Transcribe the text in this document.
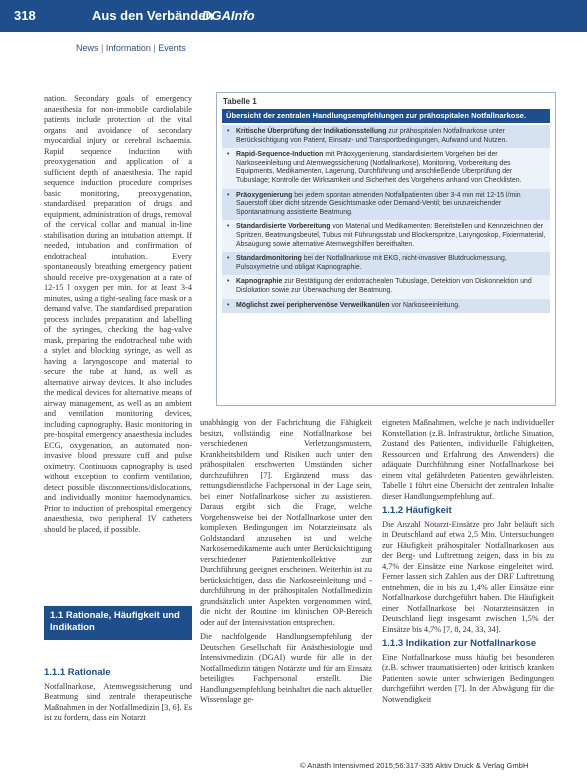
318	Aus den Verbänden
DGAInfo
News | Information | Events

nation. Secondary goals of emergency anaesthesia for non-immobile cardiolabile patients include protection of the vital organs and avoidance of secondary myocardial injury or cerebral ischaemia. Rapid sequence induction with preoxygenation and application of a sufficient depth of anaesthesia. The rapid sequence induction procedure comprises basic monitoring, preoxygenation, standardised preparation of drugs and equipment, administration of drugs, removal of the cervical collar and manual in-line stabilisation during an intubation attempt. If needed, intubation and confirmation of endotracheal intubation. Every spontaneously breathing emergency patient should receive pre-oxygenation at a rate of 12-15 l oxygen per min. for at least 3-4 minutes, using a tight-sealing face mask or a demand valve. The standardised preparation process includes preparation and labelling of the syringes, checking the bag-valve mask, preparing the endotracheal tube with a stylet and blocking syringe, as well as having a laryngoscope and material to secure the tube at hand, as well as alternative airway devices. It also includes the medical devices for alternative means of airway management, as well as an ambient and ventilation monitoring devices, including capnography. Basic monitoring in pre-hospital emergency anaesthesia includes ECG, oxygenation, an automated non-invasive blood pressure cuff and pulse oximetry. Continuous capnography is used without exception to confirm ventilation, detect possible disconnections/dislocations, and individually monitor haemodynamics. Prior to induction of prehospital emergency anaesthesia, two peripheral IV catheters should be placed, if possible.

1.1 Rationale, Häufigkeit und Indikation
1.1.1 Rationale

Notfallnarkose, Atemwegssicherung und Beatmung sind zentrale therapeutische Maßnahmen in der Notfallmedizin [3, 6]. Es ist zu fordern, dass ein Notarzt

Tabelle 1
Übersicht der zentralen Handlungsempfehlungen zur prähospitalen Notfallnarkose.
• Kritische Überprüfung der Indikationsstellung zur prähospitalen Notfallnarkose unter Berücksichtigung von Patient, Einsatz- und Transportbedingungen, Aufwand und Nutzen.
• Rapid-Sequence-Induction mit Präoxygenierung, standardisiertem Vorgehen bei der Narkoseeinleitung und Atemwegssicherung (Notfallnarkose), Monitoring, Vorbereitung des Equipments, Medikamenten, Lagerung, Durchführung und anschließende Überprüfung der Tubuslage; Kontrolle der Wirksamkeit und Sicherheit des Vorgehens anhand von Checklisten.
• Präoxygenierung bei jedem spontan atmenden Notfallpatienten über 3-4 min mit 12-15 l/min Sauerstoff über dicht sitzende Gesichtsmaske oder Demand-Ventil; bei unzureichender Spontanatmung assistierte Beatmung.
• Standardisierte Vorbereitung von Material und Medikamenten: Bereitstellen und Kennzeichnen der Spritzen, Beatmungsbeutel, Tubus mit Führungsstab und Blockerspritze, Laryngoskop, Fixiermaterial, Absaugung sowie alternative Atemwegshilfen bereithalten.
• Standardmonitoring bei der Notfallnarkose mit EKG, nicht-invasiver Blutdruckmessung, Pulsoxymetrie und obligat Kapnographie.
• Kapnographie zur Bestätigung der endotrachealen Tubuslage, Detektion von Diskonnektion und Dislokation sowie zur Überwachung der Beatmung.
• Möglichst zwei periphervenöse Verweilkanülen vor Narkoseeinleitung.

unabhängig von der Fachrichtung die Fähigkeit besitzt, vollständig eine Notfallnarkose bei verschiedenen Verletzungsmustern, Krankheitsbildern und Risiken auch unter den prähospitalen erschwerten Umständen sicher durchzuführen [7]. Ergänzend muss das rettungsdienstliche Fachpersonal in der Lage sein, bei einer Notfallnarkose sicher zu assistieren. Daraus ergibt sich die Frage, welche Vorgehensweise bei der Notfallnarkose unter den komplexen Bedingungen im Notarzteinsatz als Goldstandard anzusehen ist und welche Narkosemedikamente auch unter Berücksichtigung verschiedener Patientenkollektive zur Durchführung geeignet erscheinen. Weiterhin ist zu berücksichtigen, dass die Narkoseeinleitung und -durchführung in der prähospitalen Notfallmedizin grundsätzlich unter Aspekten vorgenommen wird, die nicht der Routine im klinischen OP-Bereich oder auf der Intensivstation entsprechen.

Die nachfolgende Handlungsempfehlung der Deutschen Gesellschaft für Anästhesiologie und Intensivmedizin (DGAI) wurde für alle in der Notfallmedizin tätigen Notärzte und für am Einsatz beteiligtes Fachpersonal erstellt. Die Handlungsempfehlung beinhaltet die nach aktueller Wissenslage ge-

eigneten Maßnahmen, welche je nach individueller Konstellation (z.B. Infrastruktur, örtliche Situation, Zustand des Patienten, individuelle Fähigkeiten, Ressourcen und Erfahrung des Anwenders) die adäquate Durchführung einer Notfallnarkose bei einem vital gefährdeten Patienten gewährleisten. Tabelle 1 führt eine Übersicht der zentralen Inhalte dieser Handlungsempfehlung auf.

1.1.2 Häufigkeit

Die Anzahl Notarzt-Einsätze pro Jahr beläuft sich in Deutschland auf etwa 2,5 Mio. Untersuchungen zur Häufigkeit prähospitaler Notfallnarkosen aus der Berg- und Luftrettung zeigen, dass in bis zu 4,7% der Einsätze eine Narkose eingeleitet wird. Ferner lassen sich Zahlen aus der DRF Luftrettung entnehmen, die in bis zu 1,4% aller Einsätze eine Notfallnarkose durchgeführt haben. Die Häufigkeit einer Notfallnarkose bei Notarzteinsätzen in Deutschland liegt insgesamt zwischen 1,5% der Einsätze bis 4,7% [7, 8, 24, 33, 34].

1.1.3 Indikation zur Notfallnarkose

Eine Notfallnarkose muss häufig bei besonderen (z.B. schwer traumatisierten) oder kritisch kranken Patienten sowie unter schwierigen Bedingungen durchgeführt werden [7]. In der Abwägung für die Notwendigkeit

© Anästh Intensivmed 2015;56:317-335 Aktiv Druck & Verlag GmbH
